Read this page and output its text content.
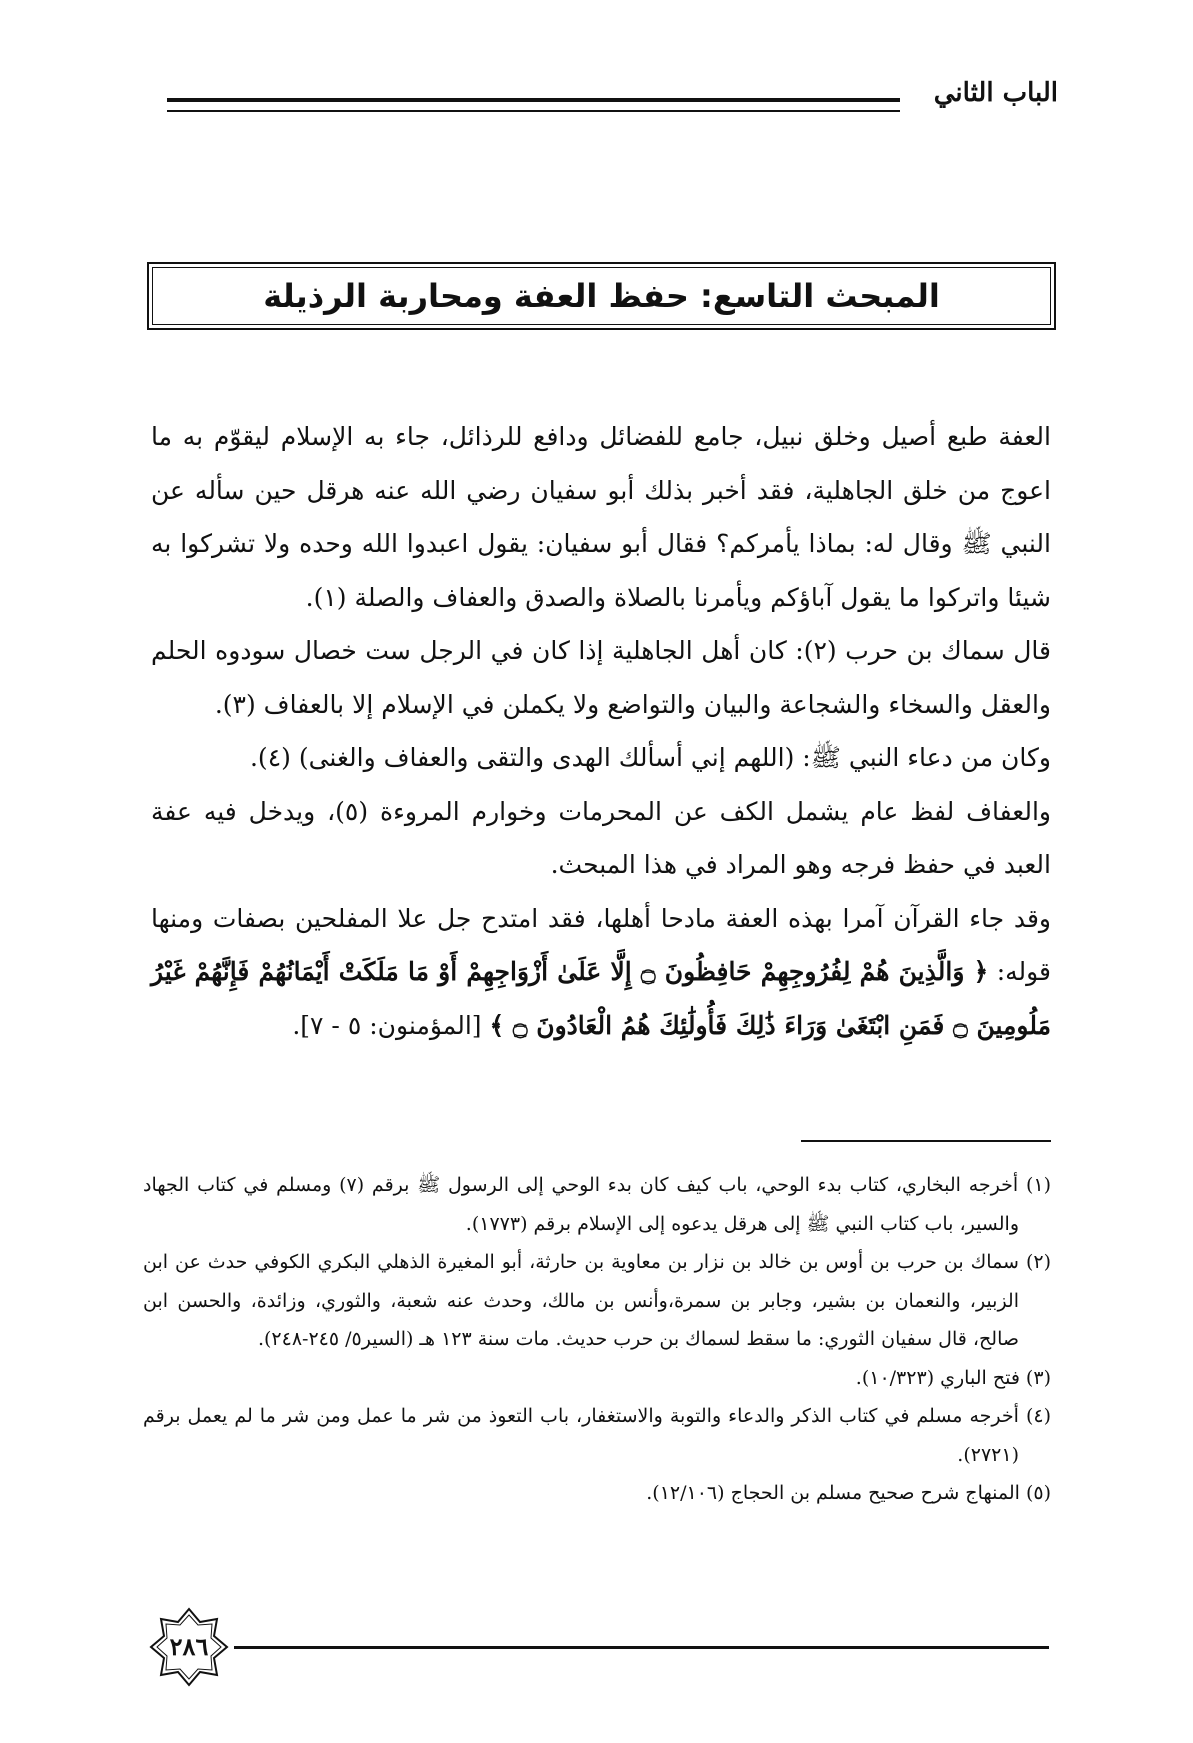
الباب الثاني
المبحث التاسع: حفظ العفة ومحاربة الرذيلة

العفة طبع أصيل وخلق نبيل، جامع للفضائل ودافع للرذائل، جاء به الإسلام ليقوّم به ما اعوج من خلق الجاهلية، فقد أخبر بذلك أبو سفيان رضي الله عنه هرقل حين سأله عن النبي ﷺ وقال له: بماذا يأمركم؟ فقال أبو سفيان: يقول اعبدوا الله وحده ولا تشركوا به شيئا واتركوا ما يقول آباؤكم ويأمرنا بالصلاة والصدق والعفاف والصلة (١).

قال سماك بن حرب (٢): كان أهل الجاهلية إذا كان في الرجل ست خصال سودوه الحلم والعقل والسخاء والشجاعة والبيان والتواضع ولا يكملن في الإسلام إلا بالعفاف (٣).

وكان من دعاء النبي ﷺ: (اللهم إني أسألك الهدى والتقى والعفاف والغنى) (٤).

والعفاف لفظ عام يشمل الكف عن المحرمات وخوارم المروءة (٥)، ويدخل فيه عفة العبد في حفظ فرجه وهو المراد في هذا المبحث.

وقد جاء القرآن آمرا بهذه العفة مادحا أهلها، فقد امتدح جل علا المفلحين بصفات ومنها قوله: ﴿ وَالَّذِينَ هُمْ لِفُرُوجِهِمْ حَافِظُونَ ۝ إِلَّا عَلَىٰ أَزْوَاجِهِمْ أَوْ مَا مَلَكَتْ أَيْمَانُهُمْ فَإِنَّهُمْ غَيْرُ مَلُومِينَ ۝ فَمَنِ ابْتَغَىٰ وَرَاءَ ذَٰلِكَ فَأُولَٰئِكَ هُمُ الْعَادُونَ ۝ ﴾ [المؤمنون: ٥ - ٧].

(١) أخرجه البخاري، كتاب بدء الوحي، باب كيف كان بدء الوحي إلى الرسول ﷺ برقم (٧) ومسلم في كتاب الجهاد والسير، باب كتاب النبي ﷺ إلى هرقل يدعوه إلى الإسلام برقم (١٧٧٣).

(٢) سماك بن حرب بن أوس بن خالد بن نزار بن معاوية بن حارثة، أبو المغيرة الذهلي البكري الكوفي حدث عن ابن الزبير، والنعمان بن بشير، وجابر بن سمرة،وأنس بن مالك، وحدث عنه شعبة، والثوري، وزائدة، والحسن ابن صالح، قال سفيان الثوري: ما سقط لسماك بن حرب حديث. مات سنة ١٢٣ هـ (السير٥/ ٢٤٥-٢٤٨).

(٣) فتح الباري (١٠/٣٢٣).

(٤) أخرجه مسلم في كتاب الذكر والدعاء والتوبة والاستغفار، باب التعوذ من شر ما عمل ومن شر ما لم يعمل برقم (٢٧٢١).

(٥) المنهاج شرح صحيح مسلم بن الحجاج (١٢/١٠٦).

٢٨٦
